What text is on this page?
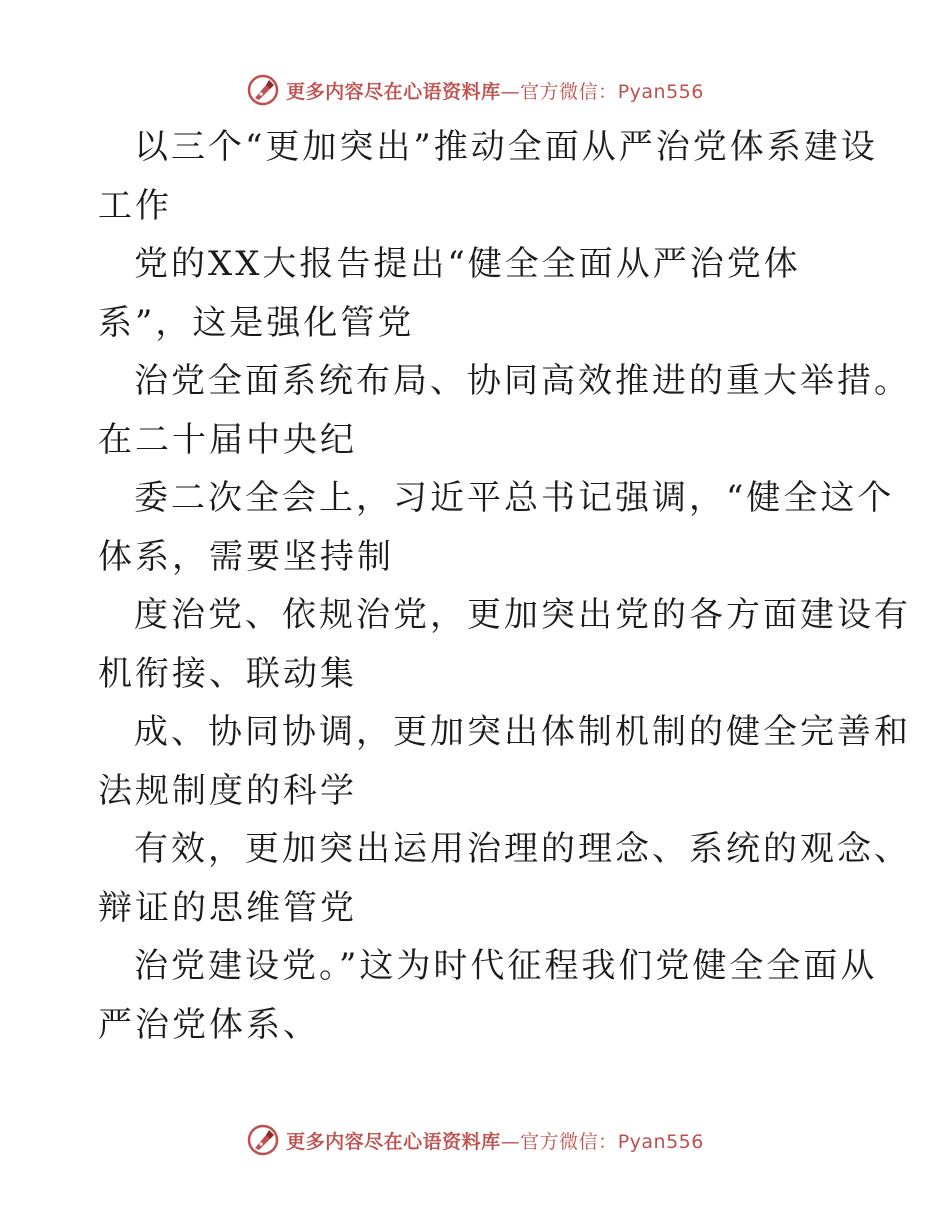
更多内容尽在心语资料库—官方微信：Pyan556
以三个“更加突出”推动全面从严治党体系建设
工作
党的XX大报告提出“健全全面从严治党体
系”，这是强化管党
治党全面系统布局、协同高效推进的重大举措。
在二十届中央纪
委二次全会上，习近平总书记强调，“健全这个
体系，需要坚持制
度治党、依规治党，更加突出党的各方面建设有
机衔接、联动集
成、协同协调，更加突出体制机制的健全完善和
法规制度的科学
有效，更加突出运用治理的理念、系统的观念、
辩证的思维管党
治党建设党。”这为时代征程我们党健全全面从
严治党体系、
更多内容尽在心语资料库—官方微信：Pyan556
